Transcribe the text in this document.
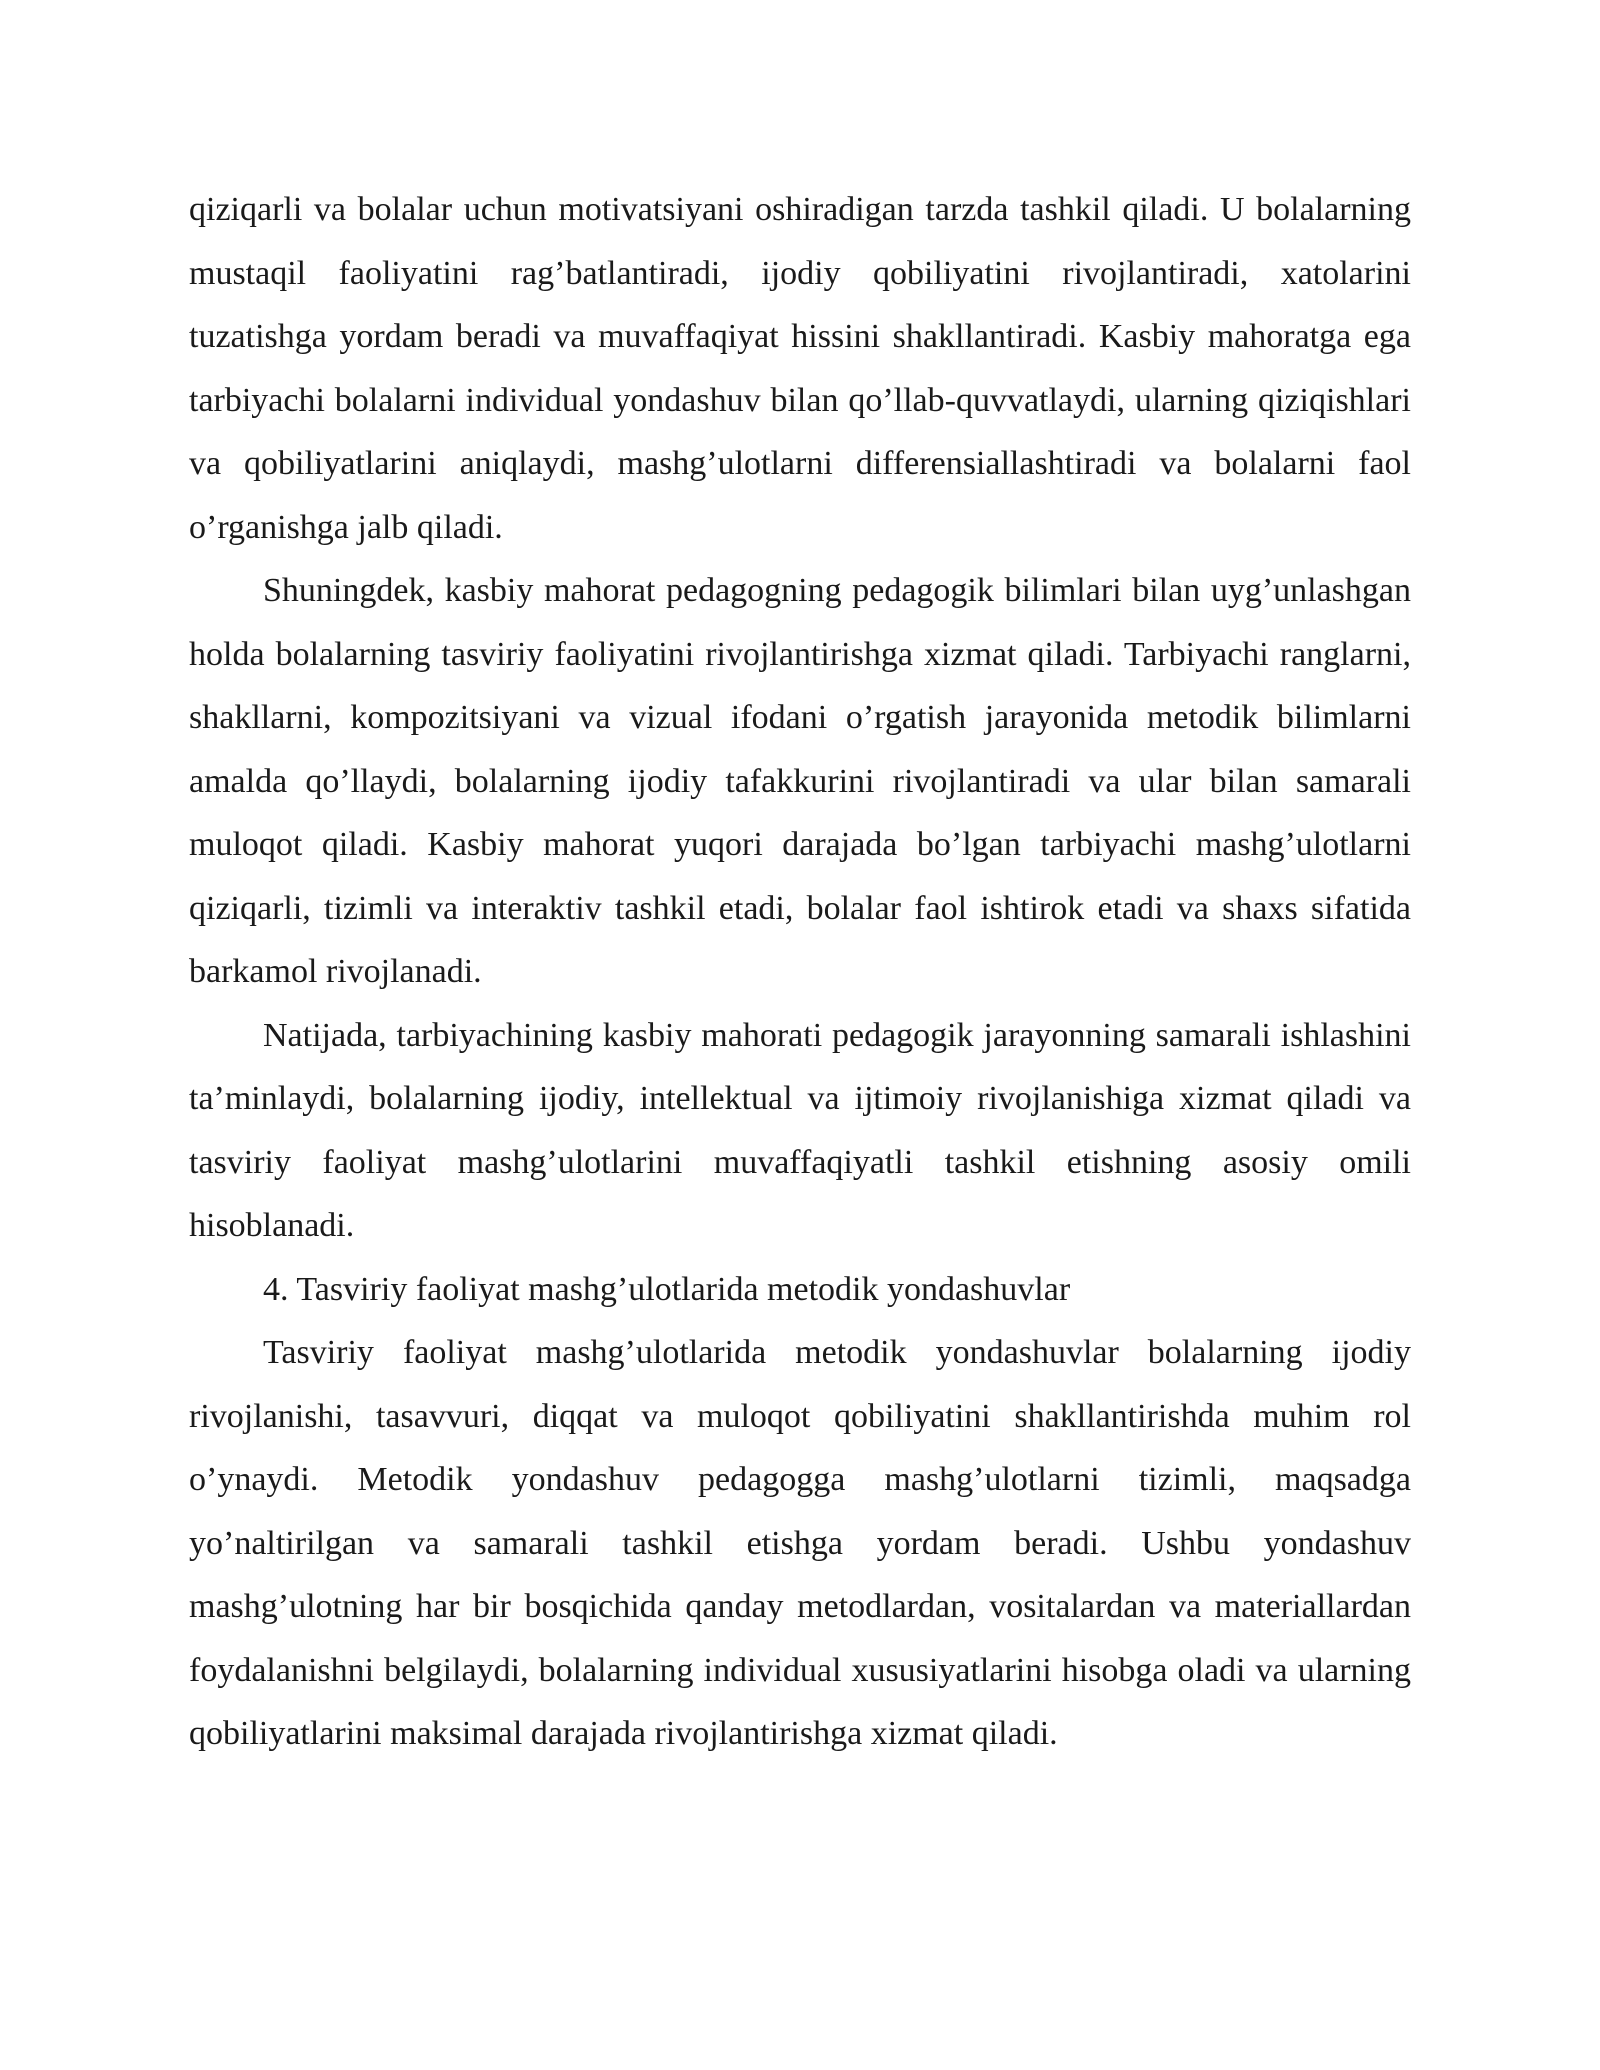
qiziqarli va bolalar uchun motivatsiyani oshiradigan tarzda tashkil qiladi. U bolalarning mustaqil faoliyatini rag’batlantiradi, ijodiy qobiliyatini rivojlantiradi, xatolarini tuzatishga yordam beradi va muvaffaqiyat hissini shakllantiradi. Kasbiy mahoratga ega tarbiyachi bolalarni individual yondashuv bilan qo’llab-quvvatlaydi, ularning qiziqishlari va qobiliyatlarini aniqlaydi, mashg’ulotlarni differensiallashtiradi va bolalarni faol o’rganishga jalb qiladi.

Shuningdek, kasbiy mahorat pedagogning pedagogik bilimlari bilan uyg’unlashgan holda bolalarning tasviriy faoliyatini rivojlantirishga xizmat qiladi. Tarbiyachi ranglarni, shakllarni, kompozitsiyani va vizual ifodani o’rgatish jarayonida metodik bilimlarni amalda qo’llaydi, bolalarning ijodiy tafakkurini rivojlantiradi va ular bilan samarali muloqot qiladi. Kasbiy mahorat yuqori darajada bo’lgan tarbiyachi mashg’ulotlarni qiziqarli, tizimli va interaktiv tashkil etadi, bolalar faol ishtirok etadi va shaxs sifatida barkamol rivojlanadi.

Natijada, tarbiyachining kasbiy mahorati pedagogik jarayonning samarali ishlashini ta’minlaydi, bolalarning ijodiy, intellektual va ijtimoiy rivojlanishiga xizmat qiladi va tasviriy faoliyat mashg’ulotlarini muvaffaqiyatli tashkil etishning asosiy omili hisoblanadi.

4. Tasviriy faoliyat mashg’ulotlarida metodik yondashuvlar

Tasviriy faoliyat mashg’ulotlarida metodik yondashuvlar bolalarning ijodiy rivojlanishi, tasavvuri, diqqat va muloqot qobiliyatini shakllantirishda muhim rol o’ynaydi. Metodik yondashuv pedagogga mashg’ulotlarni tizimli, maqsadga yo’naltirilgan va samarali tashkil etishga yordam beradi. Ushbu yondashuv mashg’ulotning har bir bosqichida qanday metodlardan, vositalardan va materiallardan foydalanishni belgilaydi, bolalarning individual xususiyatlarini hisobga oladi va ularning qobiliyatlarini maksimal darajada rivojlantirishga xizmat qiladi.
